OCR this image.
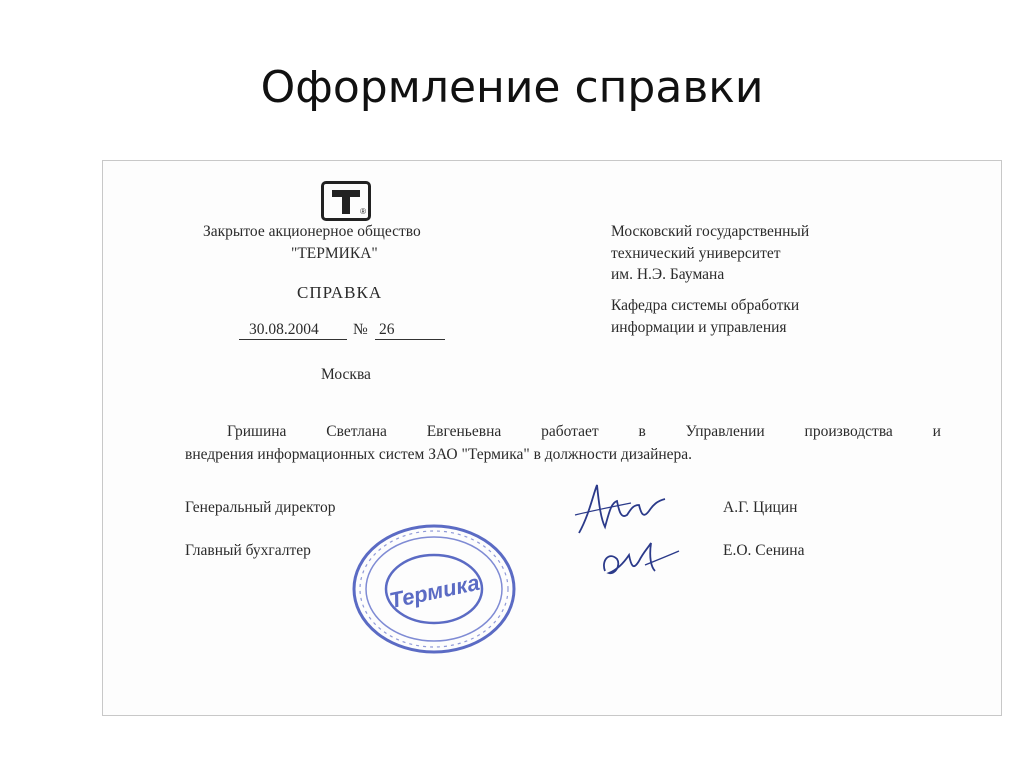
Оформление справки
®
Закрытое акционерное общество
"ТЕРМИКА"
Московский государственный
технический университет
им. Н.Э. Баумана
Кафедра системы обработки
информации и управления
СПРАВКА
30.08.2004	№ 26
Москва
Гришина	Светлана	Евгеньевна	работает	в	Управлении	производства	и
внедрения информационных систем ЗАО "Термика" в должности дизайнера.
Генеральный директор	А.Г. Цицин
Главный бухгалтер	Е.О. Сенина
Термика
